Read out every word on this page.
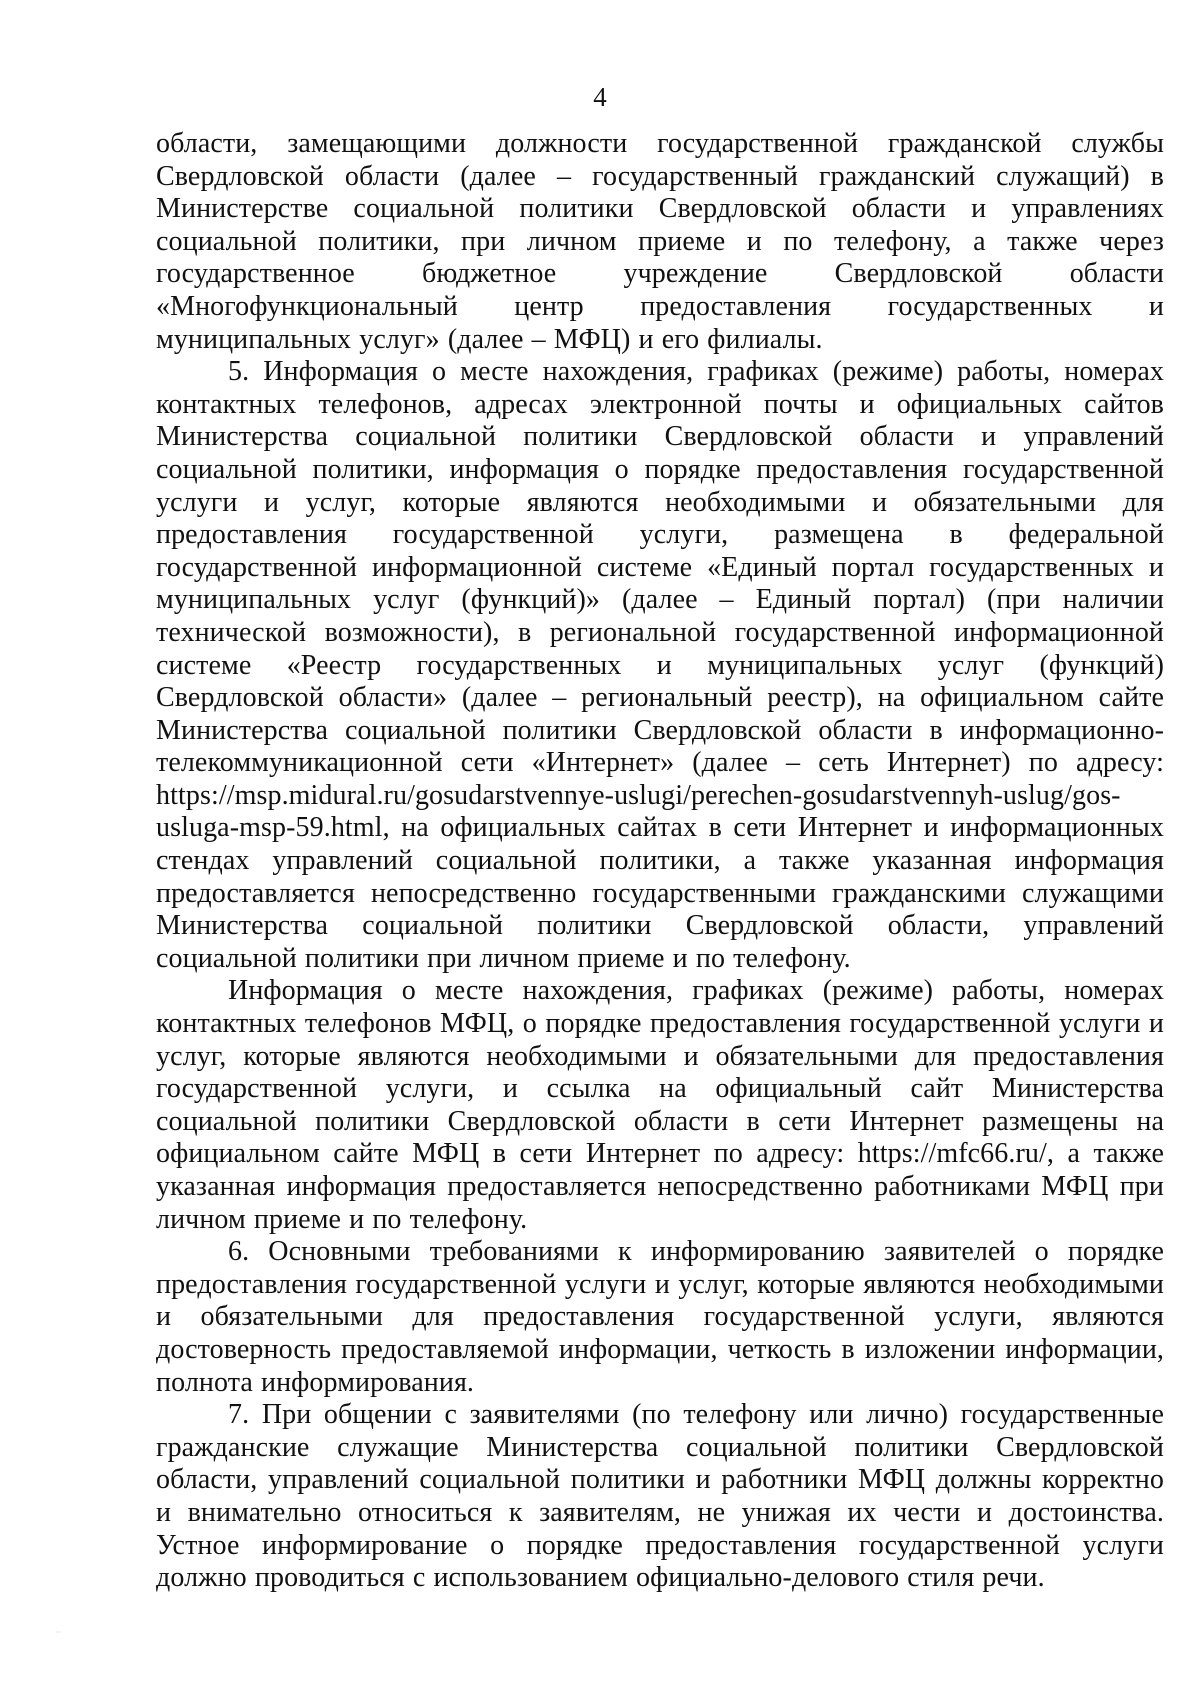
4

области, замещающими должности государственной гражданской службы Свердловской области (далее – государственный гражданский служащий) в Министерстве социальной политики Свердловской области и управлениях социальной политики, при личном приеме и по телефону, а также через государственное бюджетное учреждение Свердловской области «Многофункциональный центр предоставления государственных и муниципальных услуг» (далее – МФЦ) и его филиалы.

5. Информация о месте нахождения, графиках (режиме) работы, номерах контактных телефонов, адресах электронной почты и официальных сайтов Министерства социальной политики Свердловской области и управлений социальной политики, информация о порядке предоставления государственной услуги и услуг, которые являются необходимыми и обязательными для предоставления государственной услуги, размещена в федеральной государственной информационной системе «Единый портал государственных и муниципальных услуг (функций)» (далее – Единый портал) (при наличии технической возможности), в региональной государственной информационной системе «Реестр государственных и муниципальных услуг (функций) Свердловской области» (далее – региональный реестр), на официальном сайте Министерства социальной политики Свердловской области в информационно-телекоммуникационной сети «Интернет» (далее – сеть Интернет) по адресу: https://msp.midural.ru/gosudarstvennye-uslugi/perechen-gosudarstvennyh-uslug/gos-usluga-msp-59.html, на официальных сайтах в сети Интернет и информационных стендах управлений социальной политики, а также указанная информация предоставляется непосредственно государственными гражданскими служащими Министерства социальной политики Свердловской области, управлений социальной политики при личном приеме и по телефону.

Информация о месте нахождения, графиках (режиме) работы, номерах контактных телефонов МФЦ, о порядке предоставления государственной услуги и услуг, которые являются необходимыми и обязательными для предоставления государственной услуги, и ссылка на официальный сайт Министерства социальной политики Свердловской области в сети Интернет размещены на официальном сайте МФЦ в сети Интернет по адресу: https://mfc66.ru/, а также указанная информация предоставляется непосредственно работниками МФЦ при личном приеме и по телефону.

6. Основными требованиями к информированию заявителей о порядке предоставления государственной услуги и услуг, которые являются необходимыми и обязательными для предоставления государственной услуги, являются достоверность предоставляемой информации, четкость в изложении информации, полнота информирования.

7. При общении с заявителями (по телефону или лично) государственные гражданские служащие Министерства социальной политики Свердловской области, управлений социальной политики и работники МФЦ должны корректно и внимательно относиться к заявителям, не унижая их чести и достоинства. Устное информирование о порядке предоставления государственной услуги должно проводиться с использованием официально-делового стиля речи.

··
